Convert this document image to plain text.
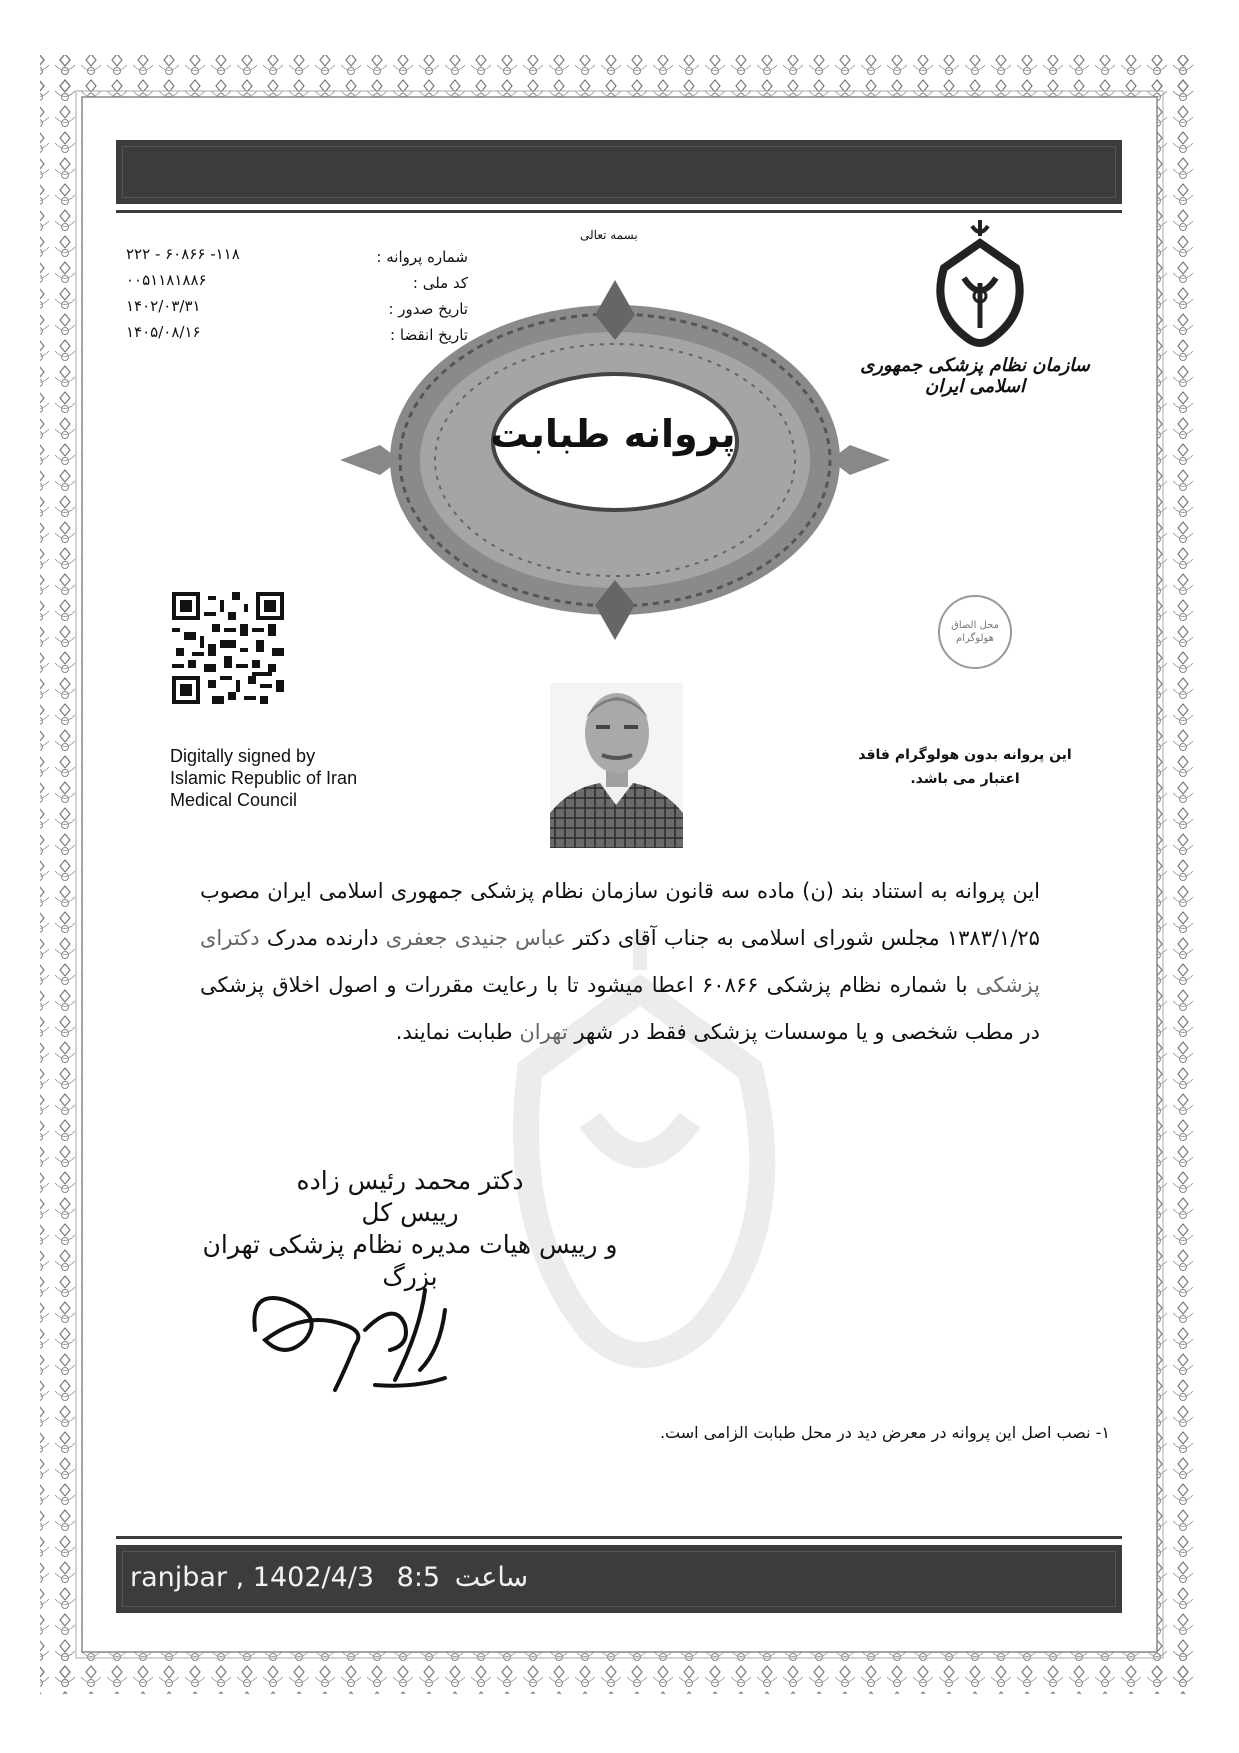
بسمه تعالی
سازمان نظام پزشکی جمهوری اسلامی ایران
شماره پروانه :
کد ملی :
تاریخ صدور :
تاریخ انقضا :
۱۱۸- ۶۰۸۶۶ - ۲۲۲
۰۰۵۱۱۸۱۸۸۶
۱۴۰۲/۰۳/۳۱
۱۴۰۵/۰۸/۱۶
پروانه طبابت
محل الصاق
هولوگرام
Digitally signed by
Islamic Republic of Iran
Medical Council
این پروانه بدون هولوگرام فاقد
اعتبار می باشد.
این پروانه به استناد بند (ن) ماده سه قانون سازمان نظام پزشکی جمهوری اسلامی ایران مصوب ۱۳۸۳/۱/۲۵ مجلس شورای اسلامی به جناب آقای دکتر عباس جنیدی جعفری دارنده مدرک دکترای پزشکی با شماره نظام پزشکی ۶۰۸۶۶ اعطا میشود تا با رعایت مقررات و اصول اخلاق پزشکی در مطب شخصی و یا موسسات پزشکی فقط در شهر تهران طبابت نمایند.
دکتر محمد رئیس زاده
رییس کل
و رییس هیات مدیره نظام پزشکی تهران
بزرگ
۱- نصب اصل این پروانه در معرض دید در محل طبابت الزامی است.
ranjbar , 1402/4/3 8:5 ساعت
